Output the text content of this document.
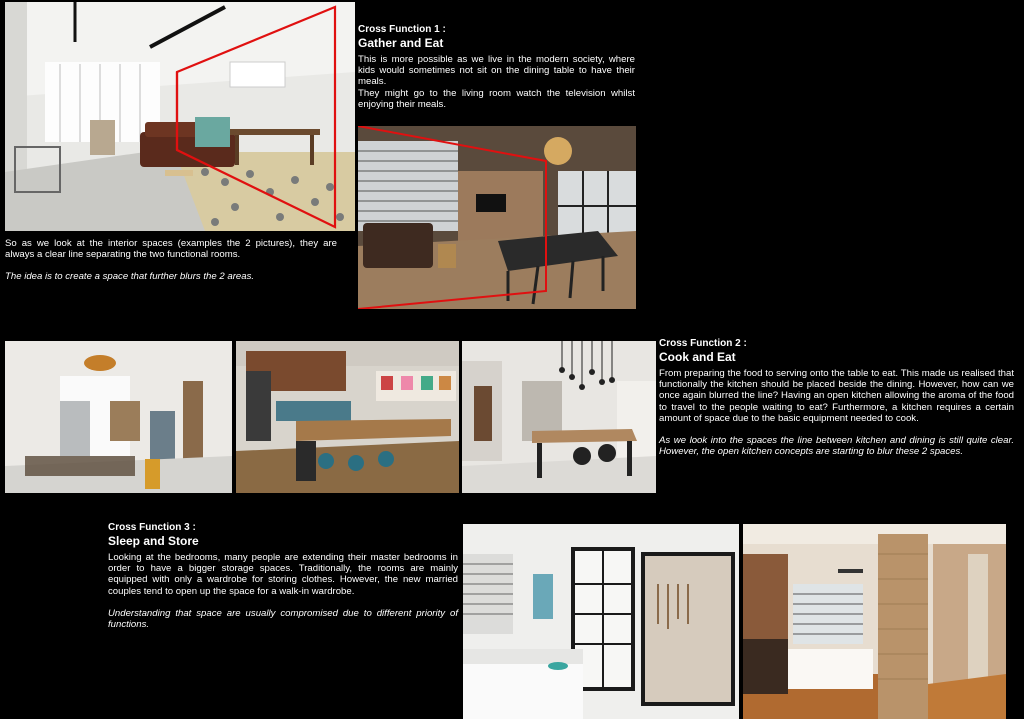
So as we look at the interior spaces (examples the 2 pictures), they are always a clear line separating the two functional rooms.

The idea is to create a space that further blurs the 2 areas.

Cross Function 1 :
Gather and Eat

This is more possible as we live in the modern society, where kids would sometimes not sit on the dining table to have their meals.

They might go to the living room watch the television whilst enjoying their meals.

Cross Function 2 :
Cook and Eat

From preparing the food to serving onto the table to eat. This made us realised that functionally the kitchen should be placed beside the dining. However, how can we once again blurred the line? Having an open kitchen allowing the aroma of the food to travel to the people waiting to eat? Furthermore, a kitchen requires a certain amount of space due to the basic equipment needed to cook.

As we look into the spaces the line between kitchen and dining is still quite clear. However, the open kitchen concepts are starting to blur these 2 spaces.

Cross Function 3 :
Sleep and Store

Looking at the bedrooms, many people are extending their master bedrooms in order to have a bigger storage spaces. Traditionally, the rooms are mainly equipped with only a wardrobe for storing clothes. However, the new married couples tend to open up the space for a walk-in wardrobe.

Understanding that space are usually compromised due to different priority of functions.
